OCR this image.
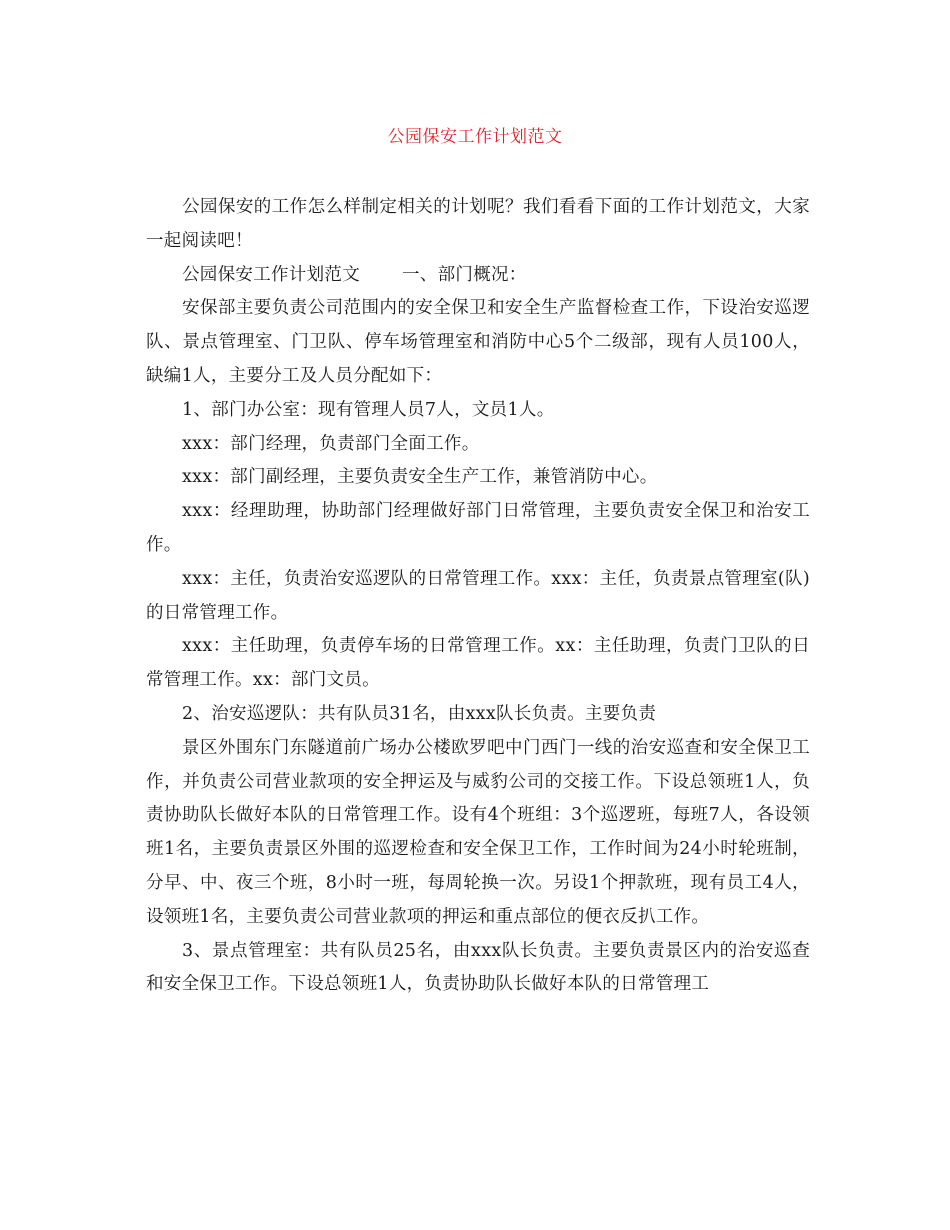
公园保安工作计划范文

公园保安的工作怎么样制定相关的计划呢？我们看看下面的工作计划范文，大家一起阅读吧！

公园保安工作计划范文 一、部门概况：

安保部主要负责公司范围内的安全保卫和安全生产监督检查工作，下设治安巡逻队、景点管理室、门卫队、停车场管理室和消防中心5个二级部，现有人员100人，缺编1人，主要分工及人员分配如下：

1、部门办公室：现有管理人员7人，文员1人。

xxx：部门经理，负责部门全面工作。

xxx：部门副经理，主要负责安全生产工作，兼管消防中心。

xxx：经理助理，协助部门经理做好部门日常管理，主要负责安全保卫和治安工作。

xxx：主任，负责治安巡逻队的日常管理工作。xxx：主任，负责景点管理室(队)的日常管理工作。

xxx：主任助理，负责停车场的日常管理工作。xx：主任助理，负责门卫队的日常管理工作。xx：部门文员。

2、治安巡逻队：共有队员31名，由xxx队长负责。主要负责

景区外围东门东隧道前广场办公楼欧罗吧中门西门一线的治安巡查和安全保卫工作，并负责公司营业款项的安全押运及与威豹公司的交接工作。下设总领班1人，负责协助队长做好本队的日常管理工作。设有4个班组：3个巡逻班，每班7人，各设领班1名，主要负责景区外围的巡逻检查和安全保卫工作，工作时间为24小时轮班制，分早、中、夜三个班，8小时一班，每周轮换一次。另设1个押款班，现有员工4人，设领班1名，主要负责公司营业款项的押运和重点部位的便衣反扒工作。

3、景点管理室：共有队员25名，由xxx队长负责。主要负责景区内的治安巡查和安全保卫工作。下设总领班1人，负责协助队长做好本队的日常管理工
